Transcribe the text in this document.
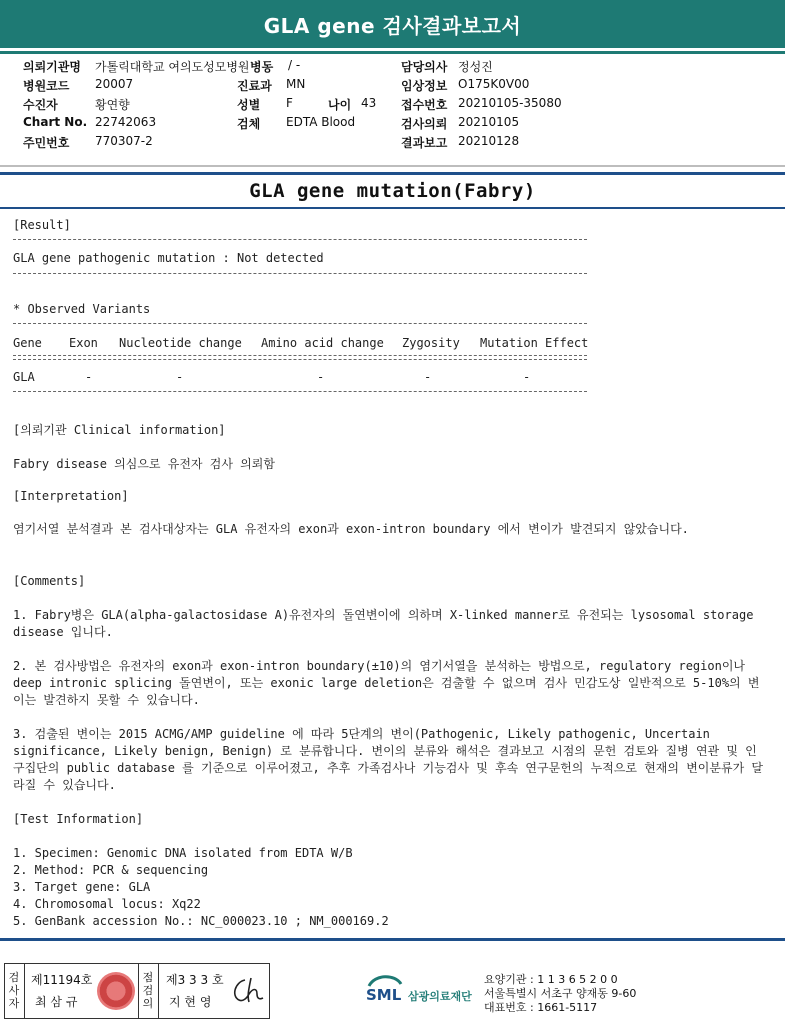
GLA gene 검사결과보고서
의뢰기관명 가톨릭대학교 여의도성모병원 병동 / -	담당의사 정성진
병원코드 20007	진료과 MN	임상정보 O175K0V00
수진자	황연향	성별 F	나이 43 접수번호 20210105-35080
Chart No. 22742063	검체 EDTA Blood	검사의뢰 20210105
주민번호 770307-2	결과보고 20210128
GLA gene mutation(Fabry)
[Result]
GLA gene pathogenic mutation : Not detected
* Observed Variants
Gene Exon Nucleotide change Amino acid change Zygosity Mutation Effect
GLA	-	-	-	-	-
[의뢰기관 Clinical information]
Fabry disease 의심으로 유전자 검사 의뢰함
[Interpretation]
염기서열 분석결과 본 검사대상자는 GLA 유전자의 exon과 exon-intron boundary 에서 변이가 발견되지 않았습니다.
[Comments]
1. Fabry병은 GLA(alpha-galactosidase A)유전자의 돌연변이에 의하며 X-linked manner로 유전되는 lysosomal storage disease 입니다.
2. 본 검사방법은 유전자의 exon과 exon-intron boundary(±10)의 염기서열을 분석하는 방법으로, regulatory region이나 deep intronic splicing 돌연변이, 또는 exonic large deletion은 검출할 수 없으며 검사 민감도상 일반적으로 5-10%의 변이는 발견하지 못할 수 있습니다.
3. 검출된 변이는 2015 ACMG/AMP guideline 에 따라 5단계의 변이(Pathogenic, Likely pathogenic, Uncertain significance, Likely benign, Benign) 로 분류합니다. 변이의 분류와 해석은 결과보고 시점의 문헌 검토와 질병 연관 및 인구집단의 public database 를 기준으로 이루어졌고, 추후 가족검사나 기능검사 및 후속 연구문헌의 누적으로 현재의 변이분류가 달라질 수 있습니다.
[Test Information]
1. Specimen: Genomic DNA isolated from EDTA W/B
2. Method: PCR & sequencing
3. Target gene: GLA
4. Chromosomal locus: Xq22
5. GenBank accession No.: NC_000023.10 ; NM_000169.2
검사자
제11194호
최 삼 규
점검의
제3 3 3 호
지 현 영	SML 삼광의료재단
요양기관 : 1 1 3 6 5 2 0 0
서울특별시 서초구 양재동 9-60
대표번호 : 1661-5117
